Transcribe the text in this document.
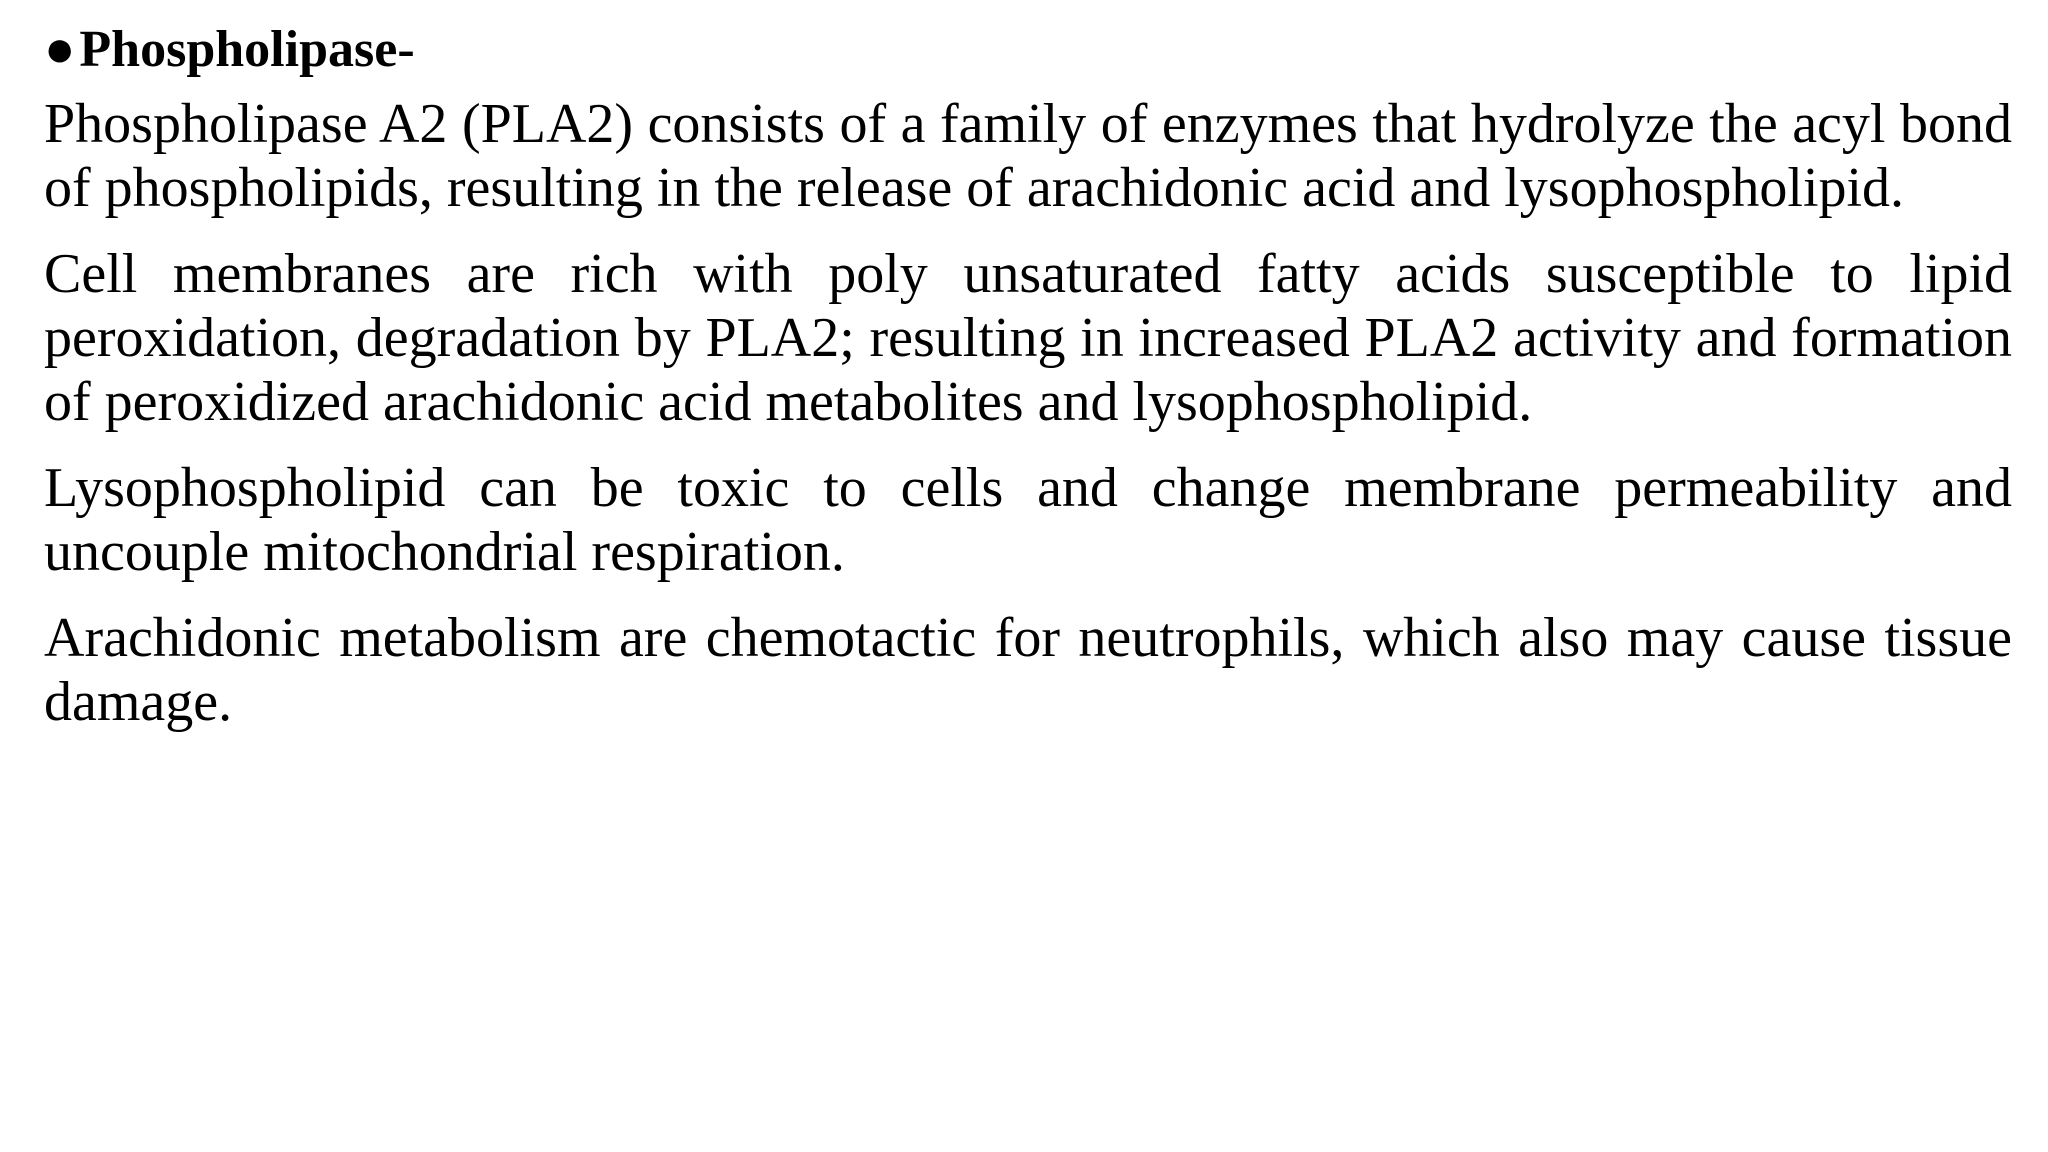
●Phospholipase-

Phospholipase A2 (PLA2) consists of a family of enzymes that hydrolyze the acyl bond of phospholipids, resulting in the release of arachidonic acid and lysophospholipid.

Cell membranes are rich with poly unsaturated fatty acids susceptible to lipid peroxidation, degradation by PLA2; resulting in increased PLA2 activity and formation of peroxidized arachidonic acid metabolites and lysophospholipid.

Lysophospholipid can be toxic to cells and change membrane permeability and uncouple mitochondrial respiration.

Arachidonic metabolism are chemotactic for neutrophils, which also may cause tissue damage.
